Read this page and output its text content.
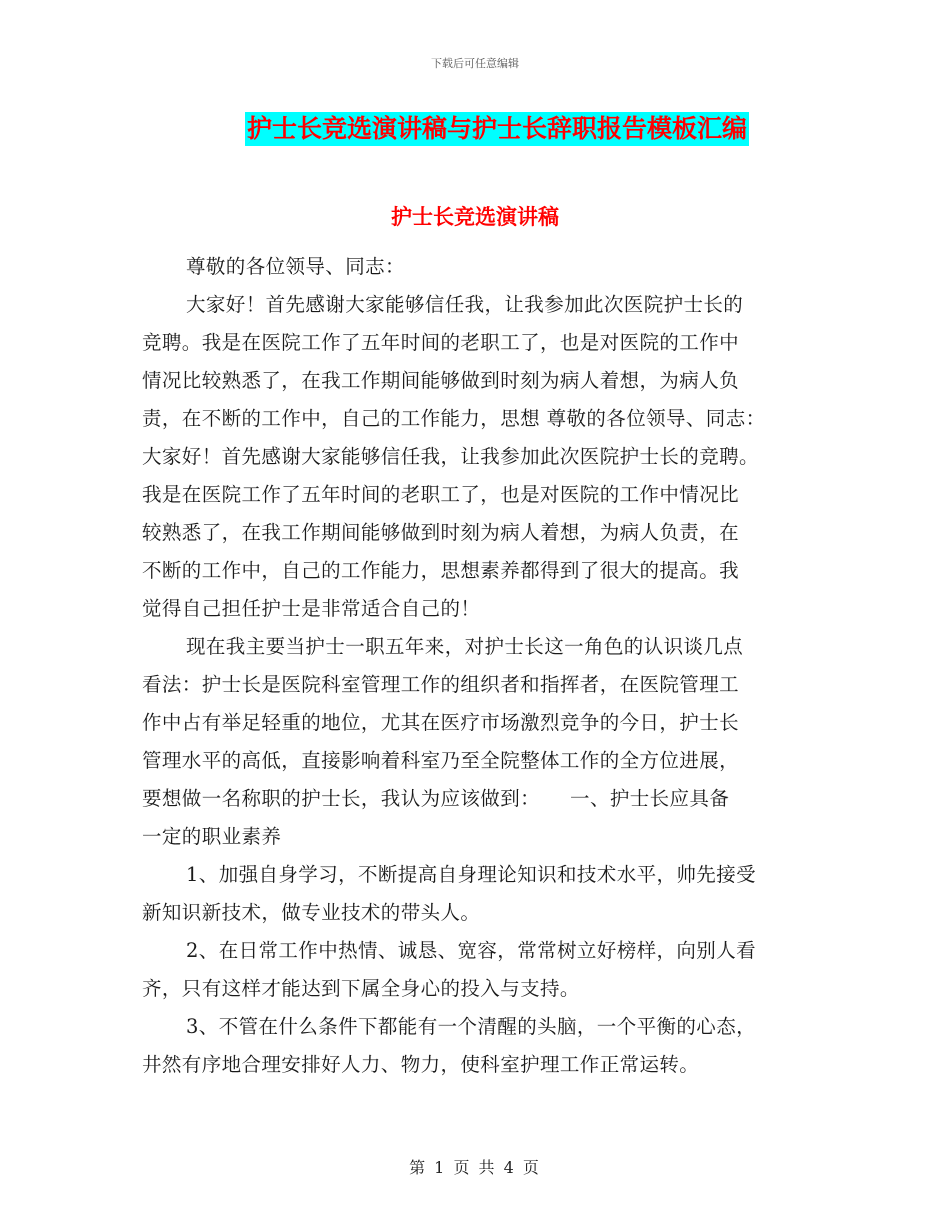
下载后可任意编辑
护士长竞选演讲稿与护士长辞职报告模板汇编
护士长竞选演讲稿
尊敬的各位领导、同志：
大家好！首先感谢大家能够信任我，让我参加此次医院护士长的
竞聘。我是在医院工作了五年时间的老职工了，也是对医院的工作中
情况比较熟悉了，在我工作期间能够做到时刻为病人着想，为病人负
责，在不断的工作中，自己的工作能力，思想 尊敬的各位领导、同志：
大家好！首先感谢大家能够信任我，让我参加此次医院护士长的竞聘。
我是在医院工作了五年时间的老职工了，也是对医院的工作中情况比
较熟悉了，在我工作期间能够做到时刻为病人着想，为病人负责，在
不断的工作中，自己的工作能力，思想素养都得到了很大的提高。我
觉得自己担任护士是非常适合自己的！
现在我主要当护士一职五年来，对护士长这一角色的认识谈几点
看法：护士长是医院科室管理工作的组织者和指挥者，在医院管理工
作中占有举足轻重的地位，尤其在医疗市场激烈竞争的今日，护士长
管理水平的高低，直接影响着科室乃至全院整体工作的全方位进展，
要想做一名称职的护士长，我认为应该做到：　　一、护士长应具备
一定的职业素养
1、加强自身学习，不断提高自身理论知识和技术水平，帅先接受
新知识新技术，做专业技术的带头人。
2、在日常工作中热情、诚恳、宽容，常常树立好榜样，向别人看
齐，只有这样才能达到下属全身心的投入与支持。
3、不管在什么条件下都能有一个清醒的头脑，一个平衡的心态，
井然有序地合理安排好人力、物力，使科室护理工作正常运转。
第 1 页 共 4 页
